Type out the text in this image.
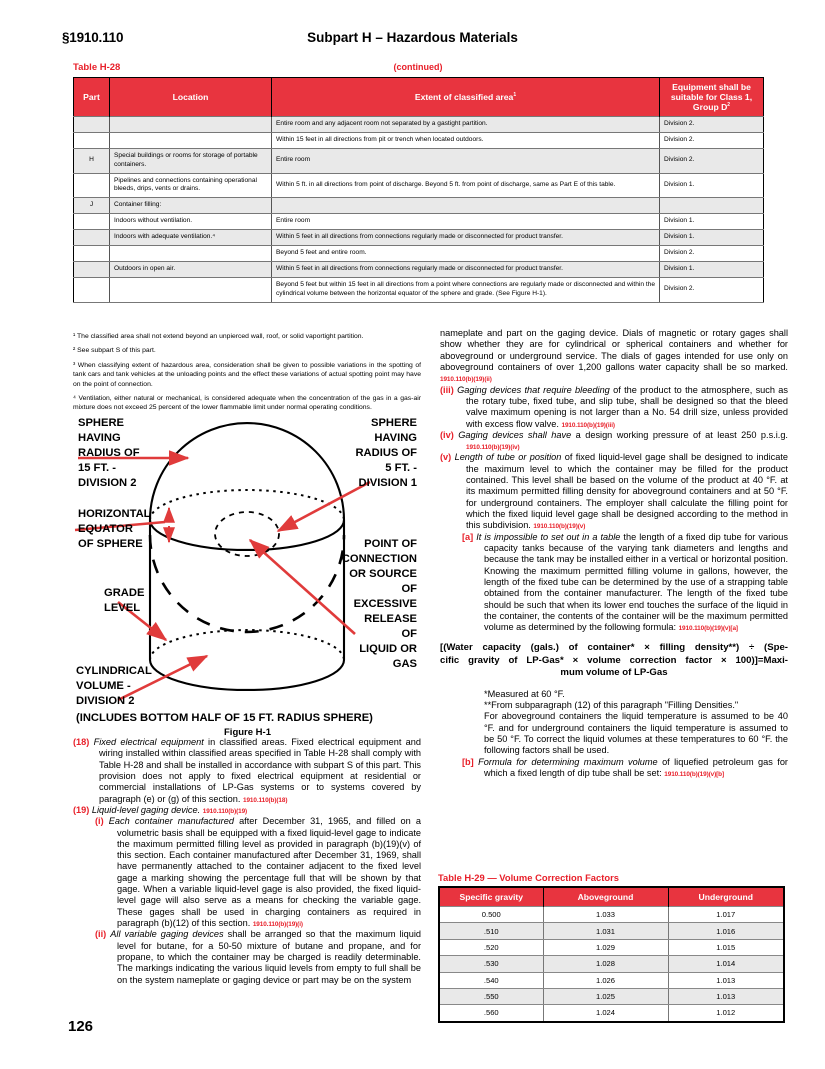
§1910.110	Subpart H – Hazardous Materials
Table H-28	(continued)
Part	Location	Extent of classified area$^1$	Equipment shall be suitable for Class 1, Group $D^2$
		Entire room and any adjacent room not separated by a gastight partition.	Division 2.
		Within 15 feet in all directions from pit or trench when located outdoors.	Division 2.
H	Special buildings or rooms for storage of portable containers.	Entire room	Division 2.
	Pipelines and connections containing operational bleeds, drips, vents or drains.	Within 5 ft. in all directions from point of discharge. Beyond 5 ft. from point of discharge, same as Part E of this table.	Division 1.
J	Container filling:		
	Indoors without ventilation.	Entire room	Division 1.
	Indoors with adequate ventilation.⁴	Within 5 feet in all directions from connections regularly made or disconnected for product transfer.	Division 1.
		Beyond 5 feet and entire room.	Division 2.
	Outdoors in open air.	Within 5 feet in all directions from connections regularly made or disconnected for product transfer.	Division 1.
		Beyond 5 feet but within 15 feet in all directions from a point where connections are regularly made or disconnected and within the cylindrical volume between the horizontal equator of the sphere and grade. (See Figure H-1).	Division 2.

¹ The classified area shall not extend beyond an unpierced wall, roof, or solid vaportight partition.

² See subpart S of this part.

³ When classifying extent of hazardous area, consideration shall be given to possible variations in the spotting of tank cars and tank vehicles at the unloading points and the effect these variations of actual spotting point may have on the point of connection.

⁴ Ventilation, either natural or mechanical, is considered adequate when the concentration of the gas in a gas-air mixture does not exceed 25 percent of the lower flammable limit under normal operating conditions.

SPHERE
HAVING
RADIUS OF
15 FT. -
DIVISION 2
SPHERE
HAVING
RADIUS OF
5 FT. -
DIVISION 1
HORIZONTAL
EQUATOR
OF SPHERE	POINT OF
CONNECTION
OR SOURCE
OF
EXCESSIVE
RELEASE
OF
LIQUID OR
GAS
GRADE
LEVEL
CYLINDRICAL
VOLUME -
DIVISION 2
(INCLUDES BOTTOM HALF OF 15 FT. RADIUS SPHERE)
Figure H-1

(18) Fixed electrical equipment in classified areas. Fixed electrical equipment and wiring installed within classified areas specified in Table H-28 shall comply with Table H-28 and shall be installed in accordance with subpart S of this part. This provision does not apply to fixed electrical equipment at residential or commercial installations of LP-Gas systems or to systems covered by paragraph (e) or (g) of this section. 1910.110(b)(18)

(19) Liquid-level gaging device. 1910.110(b)(19)

(i) Each container manufactured after December 31, 1965, and filled on a volumetric basis shall be equipped with a fixed liquid-level gage to indicate the maximum permitted filling level as provided in paragraph (b)(19)(v) of this section. Each container manufactured after December 31, 1969, shall have permanently attached to the container adjacent to the fixed level gage a marking showing the percentage full that will be shown by that gage. When a variable liquid-level gage is also provided, the fixed liquid- level gage will also serve as a means for checking the variable gage. These gages shall be used in charging containers as required in paragraph (b)(12) of this section. 1910.110(b)(19)(i)

(ii) All variable gaging devices shall be arranged so that the maximum liquid level for butane, for a 50-50 mixture of butane and propane, and for propane, to which the container may be charged is readily determinable. The markings indicating the various liquid levels from empty to full shall be on the system nameplate or gaging device or part may be on the system

nameplate and part on the gaging device. Dials of magnetic or rotary gages shall show whether they are for cylindrical or spherical containers and whether for aboveground or underground service. The dials of gages intended for use only on aboveground containers of over 1,200 gallons water capacity shall be so marked. 1910.110(b)(19)(ii)

(iii) Gaging devices that require bleeding of the product to the atmosphere, such as the rotary tube, fixed tube, and slip tube, shall be designed so that the bleed valve maximum opening is not larger than a No. 54 drill size, unless provided with excess flow valve. 1910.110(b)(19)(iii)

(iv) Gaging devices shall have a design working pressure of at least 250 p.s.i.g. 1910.110(b)(19)(iv)

(v) Length of tube or position of fixed liquid-level gage shall be designed to indicate the maximum level to which the container may be filled for the product contained. This level shall be based on the volume of the product at 40 °F. at its maximum permitted filling density for aboveground containers and at 50 °F. for underground containers. The employer shall calculate the filling point for which the fixed liquid level gage shall be designed according to the method in this subdivision. 1910.110(b)(19)(v)

[a] It is impossible to set out in a table the length of a fixed dip tube for various capacity tanks because of the varying tank diameters and lengths and because the tank may be installed either in a vertical or horizontal position. Knowing the maximum permitted filling volume in gallons, however, the length of the fixed tube can be determined by the use of a strapping table obtained from the container manufacturer. The length of the fixed tube should be such that when its lower end touches the surface of the liquid in the container, the contents of the container will be the maximum permitted volume as determined by the following formula: 1910.110(b)(19)(v)[a]

[(Water capacity (gals.) of container* × filling density**) ÷ (Spe-
cific gravity of LP-Gas* × volume correction factor × 100)]=Maxi-
mum volume of LP-Gas

*Measured at 60 °F.

**From subparagraph (12) of this paragraph "Filling Densities."

For aboveground containers the liquid temperature is assumed to be 40 °F. and for underground containers the liquid temperature is assumed to be 50 °F. To correct the liquid volumes at these temperatures to 60 °F. the following factors shall be used.

[b] Formula for determining maximum volume of liquefied petroleum gas for which a fixed length of dip tube shall be set: 1910.110(b)(19)(v)[b]

Table H-29 — Volume Correction Factors
Specific gravity	Aboveground	Underground
0.500	1.033	1.017
.510	1.031	1.016
.520	1.029	1.015
.530	1.028	1.014
.540	1.026	1.013
.550	1.025	1.013
.560	1.024	1.012
126
